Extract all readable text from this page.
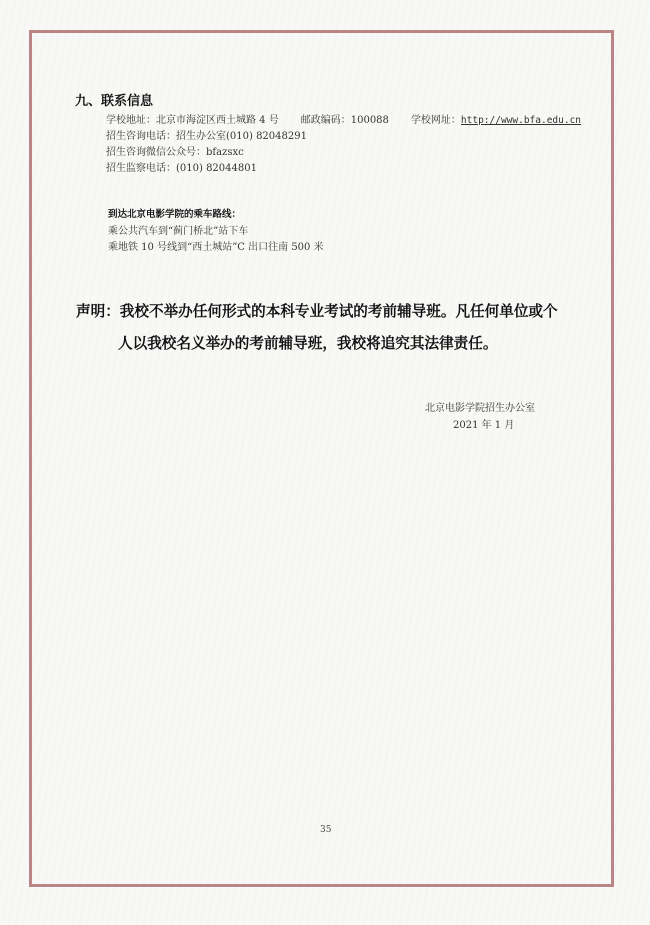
九、联系信息
学校地址：北京市海淀区西土城路 4 号 邮政编码：100088 学校网址：http://www.bfa.edu.cn
招生咨询电话：招生办公室(010) 82048291
招生咨询微信公众号：bfazsxc
招生监察电话：(010) 82044801
到达北京电影学院的乘车路线：
乘公共汽车到“蓟门桥北”站下车
乘地铁 10 号线到“西土城站”C 出口往南 500 米
声明：我校不举办任何形式的本科专业考试的考前辅导班。凡任何单位或个
人以我校名义举办的考前辅导班，我校将追究其法律责任。
北京电影学院招生办公室
2021 年 1 月
35
